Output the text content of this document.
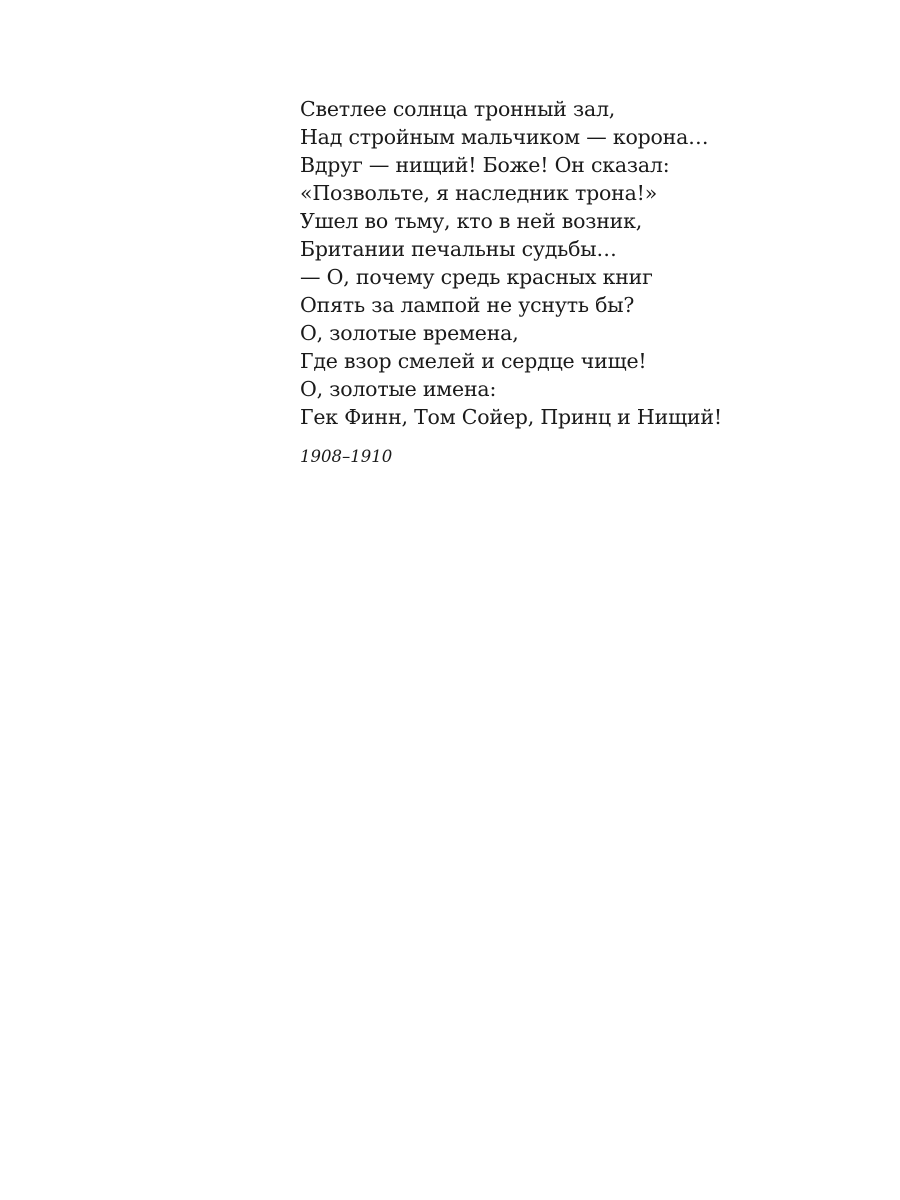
Светлее солнца тронный зал,
Над стройным мальчиком — корона…
Вдруг — нищий! Боже! Он сказал:
«Позвольте, я наследник трона!»
Ушел во тьму, кто в ней возник,
Британии печальны судьбы…
— О, почему средь красных книг
Опять за лампой не уснуть бы?
О, золотые времена,
Где взор смелей и сердце чище!
О, золотые имена:
Гек Финн, Том Сойер, Принц и Нищий!
1908–1910
